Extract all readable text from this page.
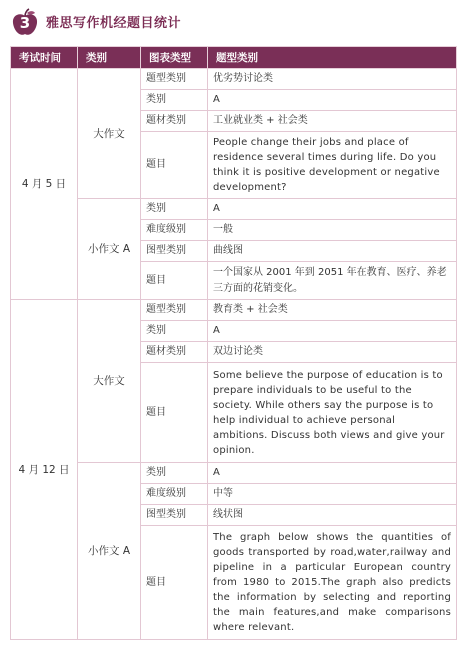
3	雅思写作机经题目统计
考试时间	类别	图表类型	题型类别
4 月 5 日	大作文	题型类别	优劣势讨论类
		类别	A
		题材类别	工业就业类 + 社会类
		题目	People change their jobs and place of residence several times during life. Do you think it is positive development or negative development?
	小作文 A	类别	A
		难度级别	一般
		图型类别	曲线图
		题目	一个国家从 2001 年到 2051 年在教育、医疗、养老三方面的花销变化。
4 月 12 日	大作文	题型类别	教育类 + 社会类
		类别	A
		题材类别	双边讨论类
		题目	Some believe the purpose of education is to prepare individuals to be useful to the society. While others say the purpose is to help individual to achieve personal ambitions. Discuss both views and give your opinion.
	小作文 A	类别	A
		难度级别	中等
		图型类别	线状图
		题目	The graph below shows the quantities of goods transported by road,water,railway and pipeline in a particular European country from 1980 to 2015.The graph also predicts the information by selecting and reporting the main features,and make comparisons where relevant.
